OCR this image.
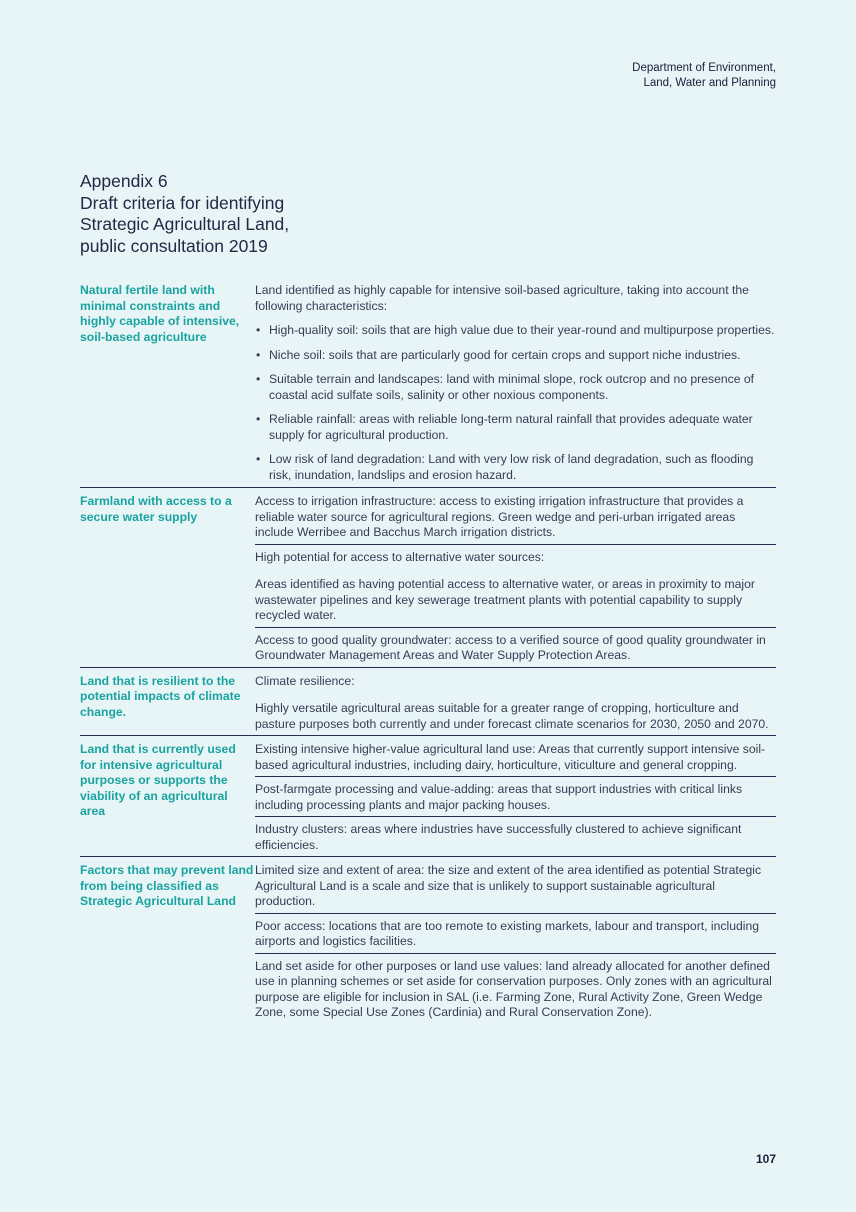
Department of Environment,
Land, Water and Planning
Appendix 6
Draft criteria for identifying
Strategic Agricultural Land,
public consultation 2019
Natural fertile land with minimal constraints and highly capable of intensive, soil-based agriculture
Land identified as highly capable for intensive soil-based agriculture, taking into account the following characteristics:
• High-quality soil: soils that are high value due to their year-round and multipurpose properties.
• Niche soil: soils that are particularly good for certain crops and support niche industries.
• Suitable terrain and landscapes: land with minimal slope, rock outcrop and no presence of coastal acid sulfate soils, salinity or other noxious components.
• Reliable rainfall: areas with reliable long-term natural rainfall that provides adequate water supply for agricultural production.
• Low risk of land degradation: Land with very low risk of land degradation, such as flooding risk, inundation, landslips and erosion hazard.
Farmland with access to a secure water supply
Access to irrigation infrastructure: access to existing irrigation infrastructure that provides a reliable water source for agricultural regions. Green wedge and peri-urban irrigated areas include Werribee and Bacchus March irrigation districts.
High potential for access to alternative water sources:
Areas identified as having potential access to alternative water, or areas in proximity to major wastewater pipelines and key sewerage treatment plants with potential capability to supply recycled water.
Access to good quality groundwater: access to a verified source of good quality groundwater in Groundwater Management Areas and Water Supply Protection Areas.
Land that is resilient to the potential impacts of climate change.
Climate resilience:
Highly versatile agricultural areas suitable for a greater range of cropping, horticulture and pasture purposes both currently and under forecast climate scenarios for 2030, 2050 and 2070.
Land that is currently used for intensive agricultural purposes or supports the viability of an agricultural area
Existing intensive higher-value agricultural land use: Areas that currently support intensive soil-based agricultural industries, including dairy, horticulture, viticulture and general cropping.
Post-farmgate processing and value-adding: areas that support industries with critical links including processing plants and major packing houses.
Industry clusters: areas where industries have successfully clustered to achieve significant efficiencies.
Factors that may prevent land from being classified as Strategic Agricultural Land
Limited size and extent of area: the size and extent of the area identified as potential Strategic Agricultural Land is a scale and size that is unlikely to support sustainable agricultural production.
Poor access: locations that are too remote to existing markets, labour and transport, including airports and logistics facilities.
Land set aside for other purposes or land use values: land already allocated for another defined use in planning schemes or set aside for conservation purposes. Only zones with an agricultural purpose are eligible for inclusion in SAL (i.e. Farming Zone, Rural Activity Zone, Green Wedge Zone, some Special Use Zones (Cardinia) and Rural Conservation Zone).
107
